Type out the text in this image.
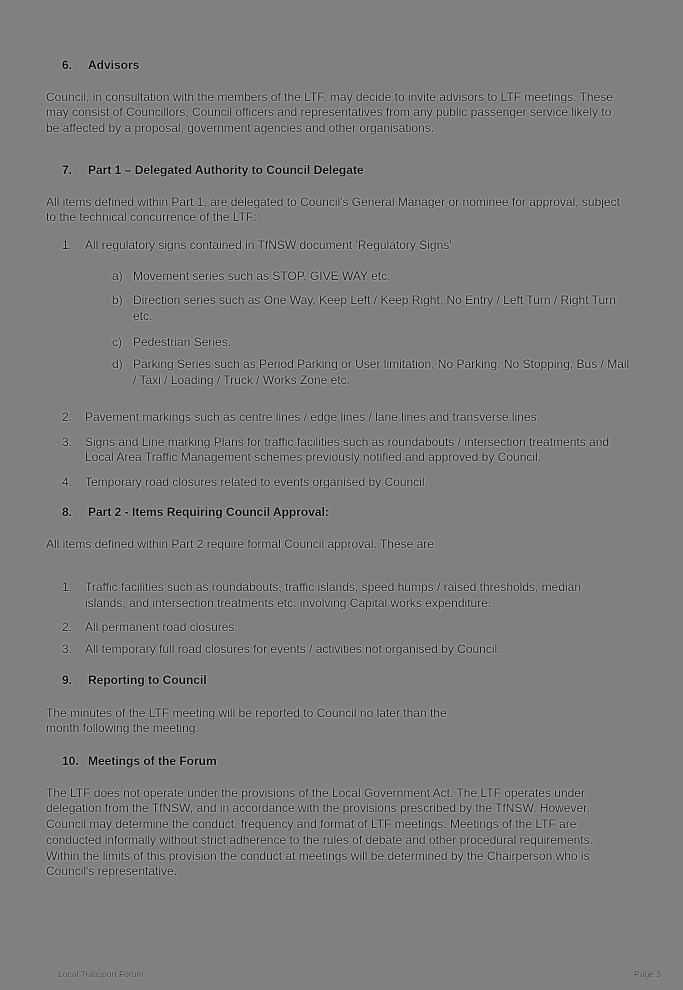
6.	Advisors

Council, in consultation with the members of the LTF, may decide to invite advisors to LTF meetings. These may consist of Councillors, Council officers and representatives from any public passenger service likely to be affected by a proposal, government agencies and other organisations.

7.	Part 1 – Delegated Authority to Council Delegate

All items defined within Part 1, are delegated to Council's General Manager or nominee for approval, subject to the technical concurrence of the LTF:

1.	All regulatory signs contained in TfNSW document 'Regulatory Signs'
a) Movement series such as STOP, GIVE WAY etc.
b) Direction series such as One Way, Keep Left / Keep Right, No Entry / Left Turn / Right Turn etc.
c) Pedestrian Series.
d) Parking Series such as Period Parking or User limitation, No Parking, No Stopping, Bus / Mail / Taxi / Loading / Truck / Works Zone etc.
2.	Pavement markings such as centre lines / edge lines / lane lines and transverse lines.
3.	Signs and Line marking Plans for traffic facilities such as roundabouts / intersection treatments and Local Area Traffic Management schemes previously notified and approved by Council.
4.	Temporary road closures related to events organised by Council.
8.	Part 2 - Items Requiring Council Approval:

All items defined within Part 2 require formal Council approval. These are

1.	Traffic facilities such as roundabouts, traffic islands, speed humps / raised thresholds, median islands, and intersection treatments etc. involving Capital works expenditure.
2.	All permanent road closures.
3.	All temporary full road closures for events / activities not organised by Council.
9.	Reporting to Council

The minutes of the LTF meeting will be reported to Council no later than the month following the meeting.

10. Meetings of the Forum

The LTF does not operate under the provisions of the Local Government Act. The LTF operates under delegation from the TfNSW, and in accordance with the provisions prescribed by the TfNSW. However, Council may determine the conduct, frequency and format of LTF meetings. Meetings of the LTF are conducted informally without strict adherence to the rules of debate and other procedural requirements. Within the limits of this provision the conduct at meetings will be determined by the Chairperson who is Council's representative.

Local Transport Forum	Page 3
